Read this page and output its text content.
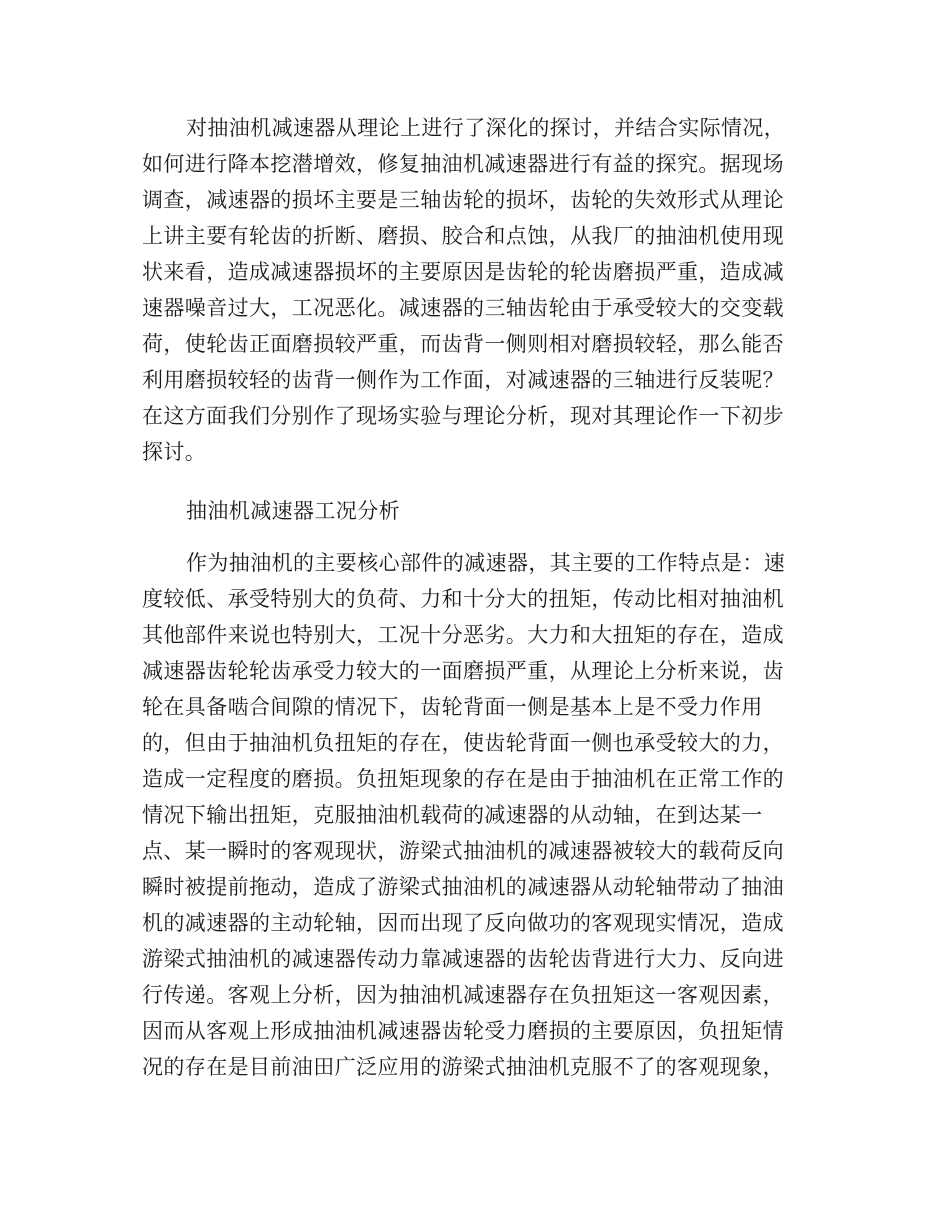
对抽油机减速器从理论上进行了深化的探讨，并结合实际情况，
如何进行降本挖潜增效，修复抽油机减速器进行有益的探究。据现场
调查，减速器的损坏主要是三轴齿轮的损坏，齿轮的失效形式从理论
上讲主要有轮齿的折断、磨损、胶合和点蚀，从我厂的抽油机使用现
状来看，造成减速器损坏的主要原因是齿轮的轮齿磨损严重，造成减
速器噪音过大，工况恶化。减速器的三轴齿轮由于承受较大的交变载
荷，使轮齿正面磨损较严重，而齿背一侧则相对磨损较轻，那么能否
利用磨损较轻的齿背一侧作为工作面，对减速器的三轴进行反装呢？
在这方面我们分别作了现场实验与理论分析，现对其理论作一下初步
探讨。
抽油机减速器工况分析
作为抽油机的主要核心部件的减速器，其主要的工作特点是：速
度较低、承受特别大的负荷、力和十分大的扭矩，传动比相对抽油机
其他部件来说也特别大，工况十分恶劣。大力和大扭矩的存在，造成
减速器齿轮轮齿承受力较大的一面磨损严重，从理论上分析来说，齿
轮在具备啮合间隙的情况下，齿轮背面一侧是基本上是不受力作用
的，但由于抽油机负扭矩的存在，使齿轮背面一侧也承受较大的力，
造成一定程度的磨损。负扭矩现象的存在是由于抽油机在正常工作的
情况下输出扭矩，克服抽油机载荷的减速器的从动轴，在到达某一
点、某一瞬时的客观现状，游梁式抽油机的减速器被较大的载荷反向
瞬时被提前拖动，造成了游梁式抽油机的减速器从动轮轴带动了抽油
机的减速器的主动轮轴，因而出现了反向做功的客观现实情况，造成
游梁式抽油机的减速器传动力靠减速器的齿轮齿背进行大力、反向进
行传递。客观上分析，因为抽油机减速器存在负扭矩这一客观因素，
因而从客观上形成抽油机减速器齿轮受力磨损的主要原因，负扭矩情
况的存在是目前油田广泛应用的游梁式抽油机克服不了的客观现象，
